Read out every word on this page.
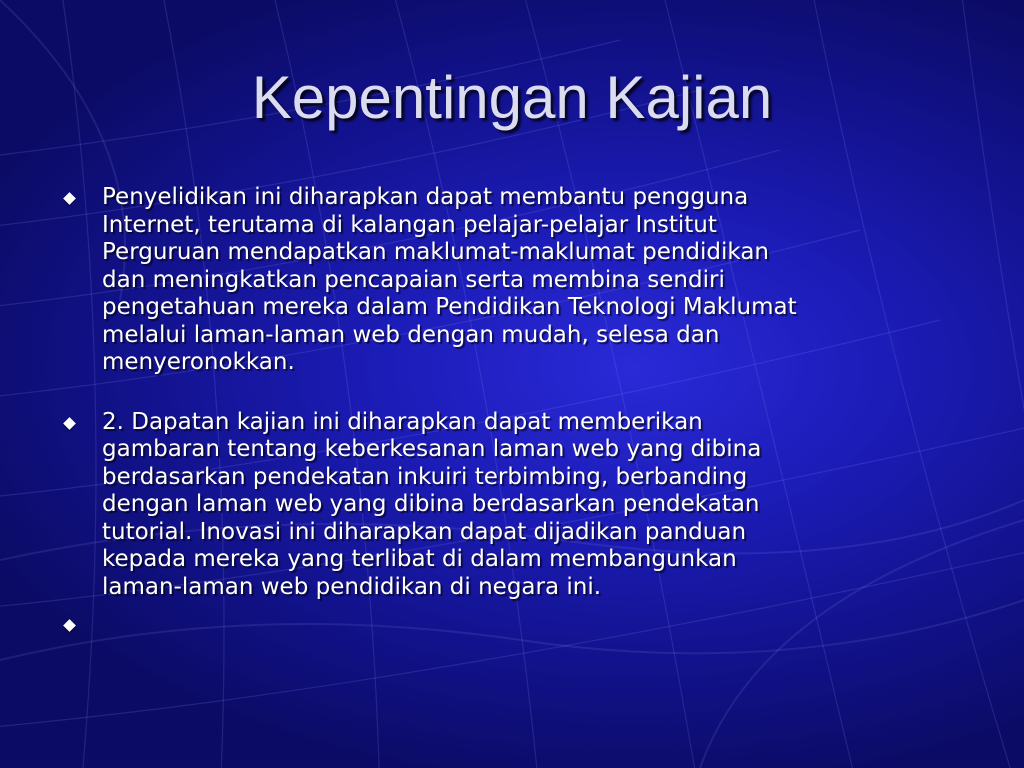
Kepentingan Kajian
Penyelidikan ini diharapkan dapat membantu pengguna
Internet, terutama di kalangan pelajar-pelajar Institut
Perguruan mendapatkan maklumat-maklumat pendidikan
dan meningkatkan pencapaian serta membina sendiri
pengetahuan mereka dalam Pendidikan Teknologi Maklumat
melalui laman-laman web dengan mudah, selesa dan
menyeronokkan.
2. Dapatan kajian ini diharapkan dapat memberikan
gambaran tentang keberkesanan laman web yang dibina
berdasarkan pendekatan inkuiri terbimbing, berbanding
dengan laman web yang dibina berdasarkan pendekatan
tutorial. Inovasi ini diharapkan dapat dijadikan panduan
kepada mereka yang terlibat di dalam membangunkan
laman-laman web pendidikan di negara ini.
